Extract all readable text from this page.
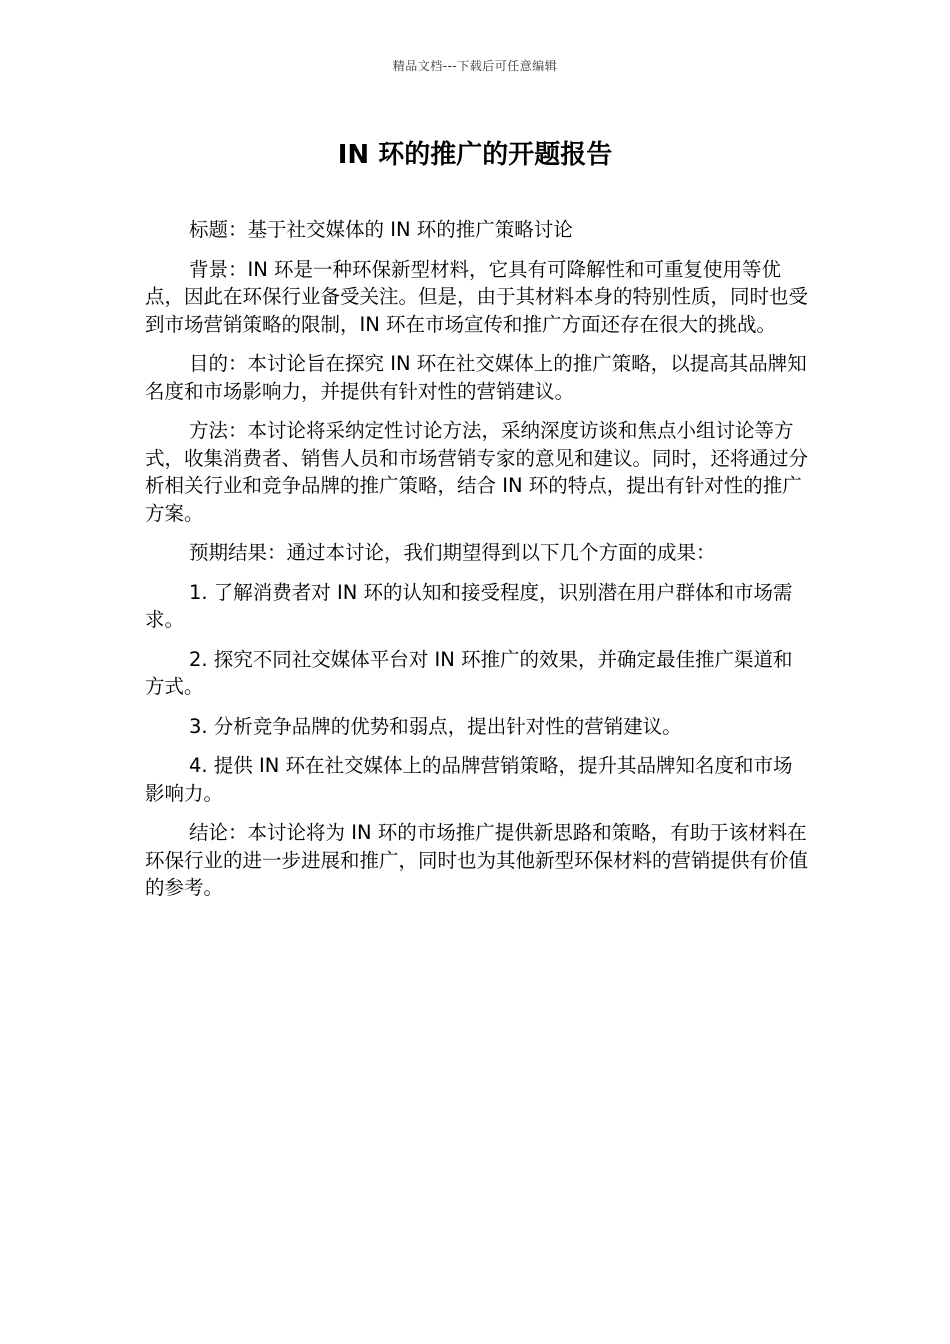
精品文档---下载后可任意编辑
IN 环的推广的开题报告

标题：基于社交媒体的 IN 环的推广策略讨论

背景：IN 环是一种环保新型材料，它具有可降解性和可重复使用等优点，因此在环保行业备受关注。但是，由于其材料本身的特别性质，同时也受到市场营销策略的限制，IN 环在市场宣传和推广方面还存在很大的挑战。

目的：本讨论旨在探究 IN 环在社交媒体上的推广策略，以提高其品牌知名度和市场影响力，并提供有针对性的营销建议。

方法：本讨论将采纳定性讨论方法，采纳深度访谈和焦点小组讨论等方式，收集消费者、销售人员和市场营销专家的意见和建议。同时，还将通过分析相关行业和竞争品牌的推广策略，结合 IN 环的特点，提出有针对性的推广方案。

预期结果：通过本讨论，我们期望得到以下几个方面的成果：

1. 了解消费者对 IN 环的认知和接受程度，识别潜在用户群体和市场需求。

2. 探究不同社交媒体平台对 IN 环推广的效果，并确定最佳推广渠道和方式。

3. 分析竞争品牌的优势和弱点，提出针对性的营销建议。

4. 提供 IN 环在社交媒体上的品牌营销策略，提升其品牌知名度和市场影响力。

结论：本讨论将为 IN 环的市场推广提供新思路和策略，有助于该材料在环保行业的进一步进展和推广，同时也为其他新型环保材料的营销提供有价值的参考。
